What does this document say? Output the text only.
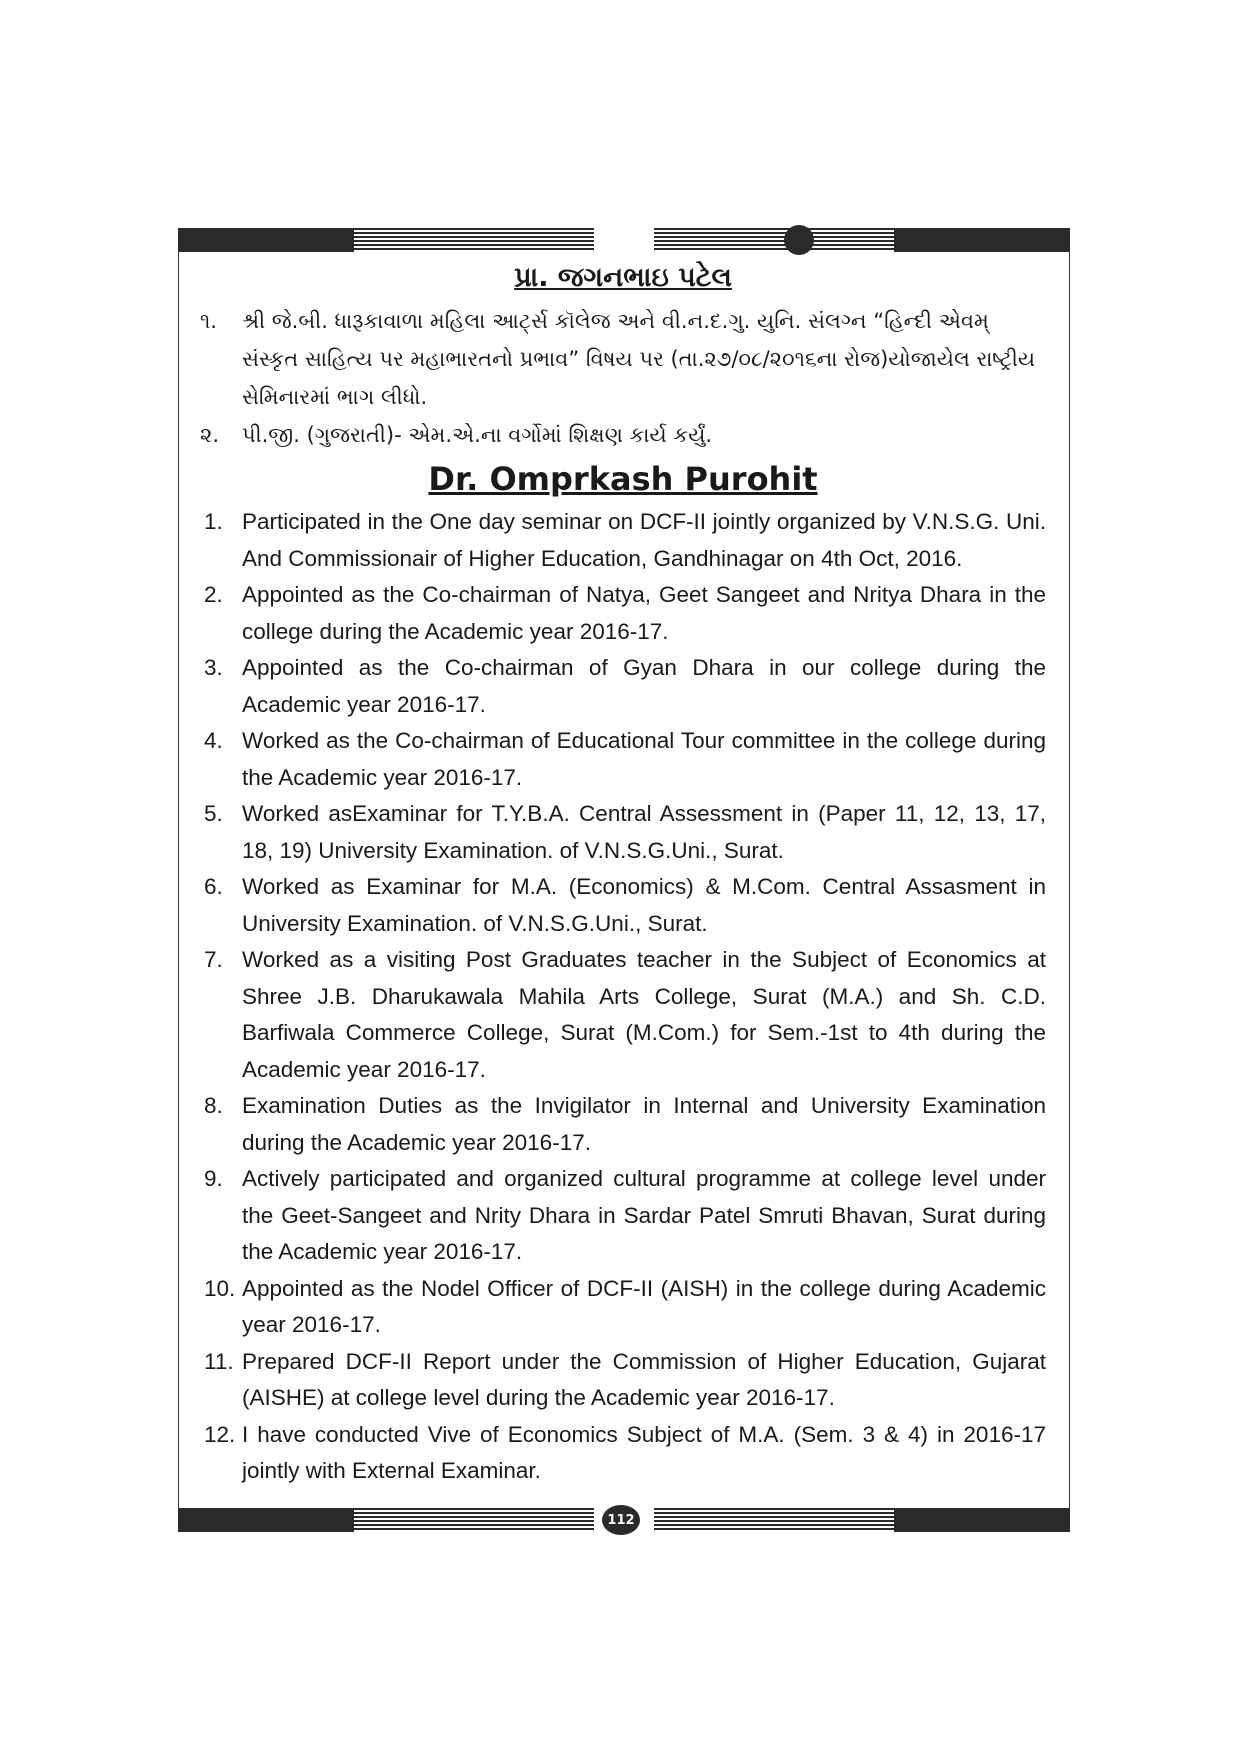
પ્રા. જગનભાઇ પટેલ
૧.	શ્રી જે.બી. ધારૂકાવાળા મહિલા આર્ટ્સ કૉલેજ અને વી.ન.દ.ગુ. યુનિ. સંલગ્ન “હિન્દી એવમ્ સંસ્કૃત સાહિત્ય પર મહાભારતનો પ્રભાવ” વિષય પર (તા.૨૭/૦૮/૨૦૧૬ના રોજ)યોજાયેલ રાષ્ટ્રીય સેમિનારમાં ભાગ લીધો.
૨.	પી.જી. (ગુજરાતી)- એમ.એ.ના વર્ગોમાં શિક્ષણ કાર્ય કર્યું.
Dr. Omprkash Purohit
1. Participated in the One day seminar on DCF-II jointly organized by V.N.S.G. Uni. And Commissionair of Higher Education, Gandhinagar on 4th Oct, 2016.
2. Appointed as the Co-chairman of Natya, Geet Sangeet and Nritya Dhara in the college during the Academic year 2016-17.
3. Appointed as the Co-chairman of Gyan Dhara in our college during the Academic year 2016-17.
4. Worked as the Co-chairman of Educational Tour committee in the college during the Academic year 2016-17.
5. Worked asExaminar for T.Y.B.A. Central Assessment in (Paper 11, 12, 13, 17, 18, 19) University Examination. of V.N.S.G.Uni., Surat.
6. Worked as Examinar for M.A. (Economics) & M.Com. Central Assasment in University Examination. of V.N.S.G.Uni., Surat.
7. Worked as a visiting Post Graduates teacher in the Subject of Economics at Shree J.B. Dharukawala Mahila Arts College, Surat (M.A.) and Sh. C.D. Barfiwala Commerce College, Surat (M.Com.) for Sem.-1st to 4th during the Academic year 2016-17.
8. Examination Duties as the Invigilator in Internal and University Examination during the Academic year 2016-17.
9. Actively participated and organized cultural programme at college level under the Geet-Sangeet and Nrity Dhara in Sardar Patel Smruti Bhavan, Surat during the Academic year 2016-17.
10. Appointed as the Nodel Officer of DCF-II (AISH) in the college during Academic year 2016-17.
11. Prepared DCF-II Report under the Commission of Higher Education, Gujarat (AISHE) at college level during the Academic year 2016-17.
12. I have conducted Vive of Economics Subject of M.A. (Sem. 3 & 4) in 2016-17 jointly with External Examinar.
112
